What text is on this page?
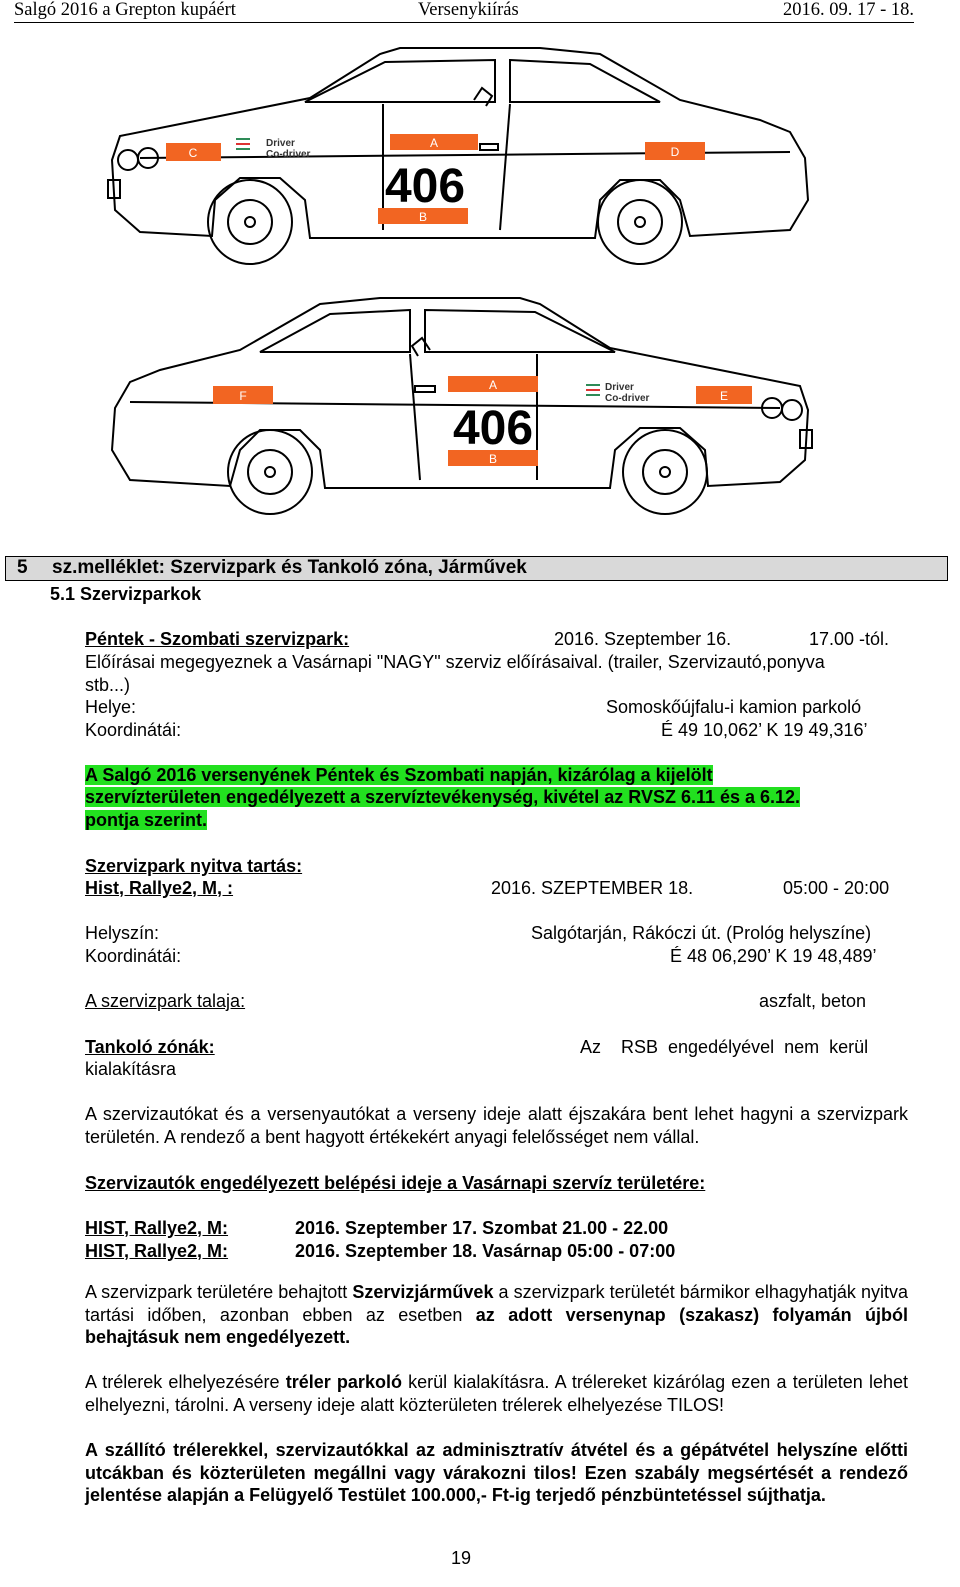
Salgó 2016 a Grepton kupáért	Versenykiírás	2016. 09. 17 - 18.
C	D
A
B
406
Driver
Co-driver
F	E
A
B
406
Driver
Co-driver
5 sz.melléklet: Szervizpark és Tankoló zóna, Járművek
5.1 Szervizparkok
Péntek - Szombati szervizpark:	2016. Szeptember 16.	17.00 -tól.
Előírásai megegyeznek a Vasárnapi "NAGY" szerviz előírásaival. (trailer, Szervizautó,ponyva
stb...)
Helye:	Somoskőújfalu-i kamion parkoló
Koordinátái:	É 49 10,062’ K 19 49,316’
A Salgó 2016 versenyének Péntek és Szombati napján, kizárólag a kijelölt
szervízterületen engedélyezett a szervíztevékenység, kivétel az RVSZ 6.11 és a 6.12.
pontja szerint.
Szervizpark nyitva tartás:
Hist, Rallye2, M, :	2016. SZEPTEMBER 18.	05:00 - 20:00
Helyszín:	Salgótarján, Rákóczi út. (Prológ helyszíne)
Koordinátái:	É 48 06,290’ K 19 48,489’
A szervizpark talaja:	aszfalt, beton
Tankoló zónák:	Az    RSB  engedélyével  nem  kerül
kialakításra
A szervizautókat és a versenyautókat a verseny ideje alatt éjszakára bent lehet hagyni a szervizpark területén. A rendező a bent hagyott értékekért anyagi felelősséget nem vállal.
Szervizautók engedélyezett belépési ideje a Vasárnapi szervíz területére:
HIST, Rallye2, M:	2016. Szeptember 17. Szombat 21.00 - 22.00
HIST, Rallye2, M:	2016. Szeptember 18. Vasárnap 05:00 - 07:00
A szervizpark területére behajtott Szervizjárművek a szervizpark területét bármikor elhagyhatják nyitva tartási időben, azonban ebben az esetben az adott versenynap (szakasz) folyamán újból behajtásuk nem engedélyezett.
A trélerek elhelyezésére tréler parkoló kerül kialakításra. A trélereket kizárólag ezen a területen lehet elhelyezni, tárolni. A verseny ideje alatt közterületen trélerek elhelyezése TILOS!
A szállító trélerekkel, szervizautókkal az adminisztratív átvétel és a gépátvétel helyszíne előtti utcákban és közterületen megállni vagy várakozni tilos! Ezen szabály megsértését a rendező jelentése alapján a Felügyelő Testület 100.000,- Ft-ig terjedő pénzbüntetéssel sújthatja.
19
